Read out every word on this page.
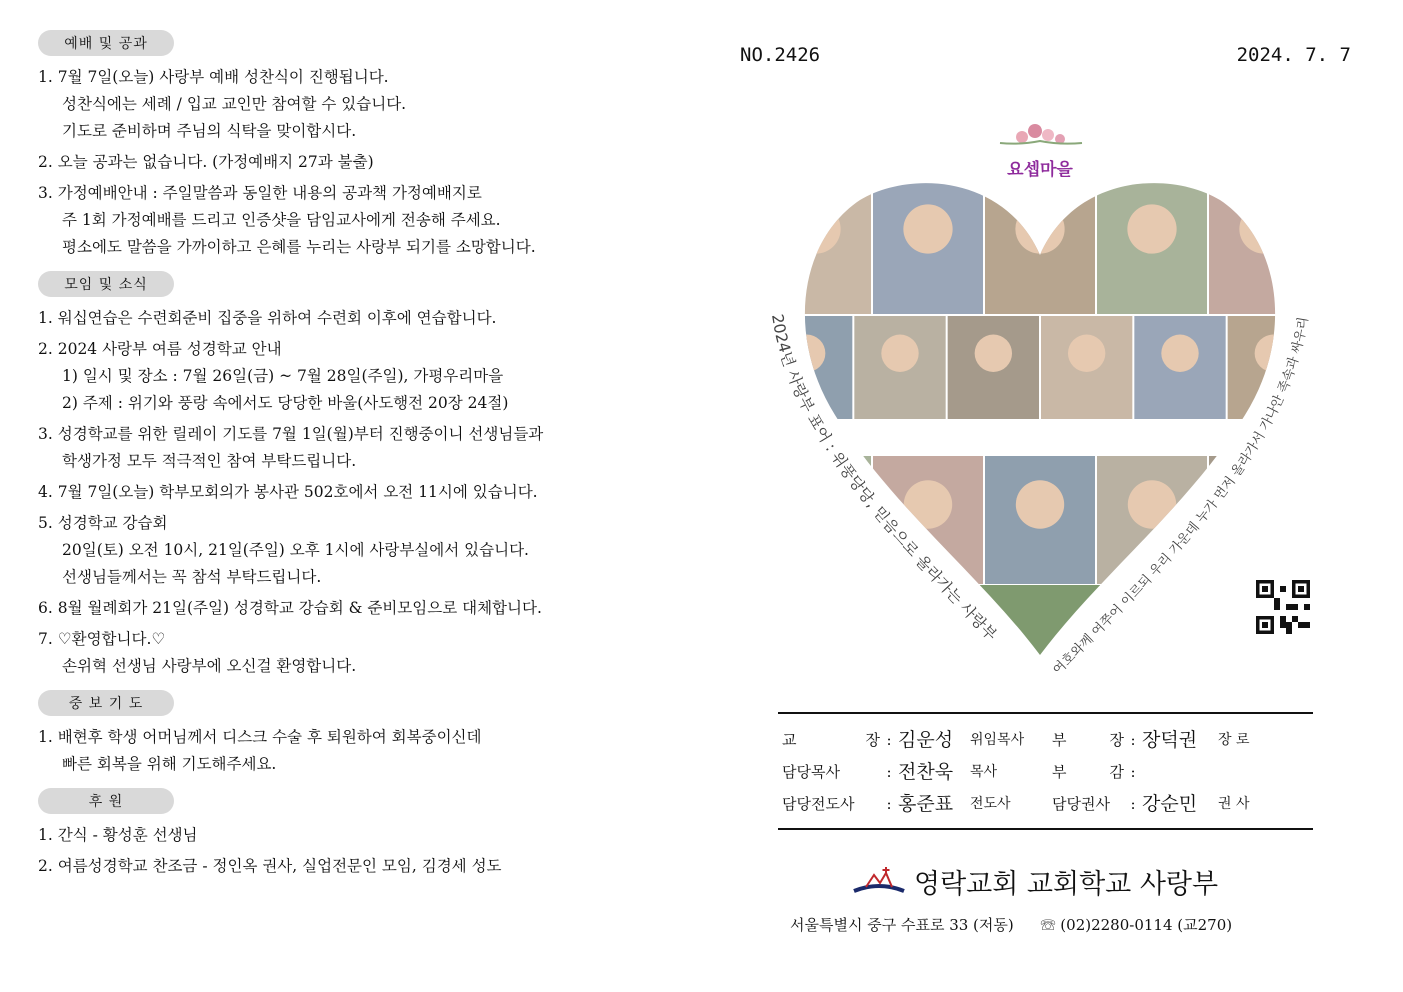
예배 및 공과
1. 7월 7일(오늘) 사랑부 예배 성찬식이 진행됩니다.
성찬식에는 세례 / 입교 교인만 참여할 수 있습니다.
기도로 준비하며 주님의 식탁을 맞이합시다.
2. 오늘 공과는 없습니다. (가정예배지 27과 불출)
3. 가정예배안내 : 주일말씀과 동일한 내용의 공과책 가정예배지로
주 1회 가정예배를 드리고 인증샷을 담임교사에게 전송해 주세요.
평소에도 말씀을 가까이하고 은혜를 누리는 사랑부 되기를 소망합니다.
모임 및 소식
1. 워십연습은 수련회준비 집중을 위하여 수련회 이후에 연습합니다.
2. 2024 사랑부 여름 성경학교 안내
1) 일시 및 장소 : 7월 26일(금) ~ 7월 28일(주일), 가평우리마을
2) 주제 : 위기와 풍랑 속에서도 당당한 바울(사도행전 20장 24절)
3. 성경학교를 위한 릴레이 기도를 7월 1일(월)부터 진행중이니 선생님들과
학생가정 모두 적극적인 참여 부탁드립니다.
4. 7월 7일(오늘) 학부모회의가 봉사관 502호에서 오전 11시에 있습니다.
5. 성경학교 강습회
20일(토) 오전 10시, 21일(주일) 오후 1시에 사랑부실에서 있습니다.
선생님들께서는 꼭 참석 부탁드립니다.
6. 8월 월례회가 21일(주일) 성경학교 강습회 & 준비모임으로 대체합니다.
7. ♡환영합니다.♡
손위혁 선생님 사랑부에 오신걸 환영합니다.
중 보 기 도
1. 배현후 학생 어머님께서 디스크 수술 후 퇴원하여 회복중이신데
빠른 회복을 위해 기도해주세요.
후 원
1. 간식 - 황성훈 선생님
2. 여름성경학교 찬조금 - 정인옥 권사, 실업전문인 모임, 김경세 성도
NO.2426	2024. 7. 7
요셉마을
2024년 사랑부 표어 : 위풍당당, 믿음으로 올라가는 사랑부
여호와께 여쭈어 이르되 우리 가운데 누가 먼저 올라가서 가나안 족속과 싸우리
교 장 : 김운성	위임목사	부 장 : 장덕권	장 로
담당목사	: 전찬욱	목사	부 감 :
담당전도사	: 홍준표	전도사	담당권사	: 강순민	권 사
영락교회 교회학교 사랑부
서울특별시 중구 수표로 33 (저동) ☏ (02)2280-0114 (교270)
